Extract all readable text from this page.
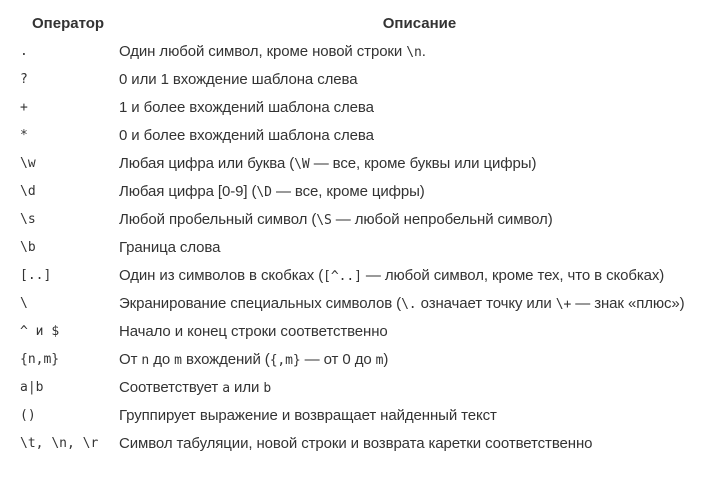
Оператор	Описание
.	Один любой символ, кроме новой строки \n.
?	0 или 1 вхождение шаблона слева
+	1 и более вхождений шаблона слева
*	0 и более вхождений шаблона слева
\w	Любая цифра или буква (\W — все, кроме буквы или цифры)
\d	Любая цифра [0-9] (\D — все, кроме цифры)
\s	Любой пробельный символ (\S — любой непробельнй символ)
\b	Граница слова
[..]	Один из символов в скобках ([^..] — любой символ, кроме тех, что в скобках)
\	Экранирование специальных символов (\. означает точку или \+ — знак «плюс»)
^ и $	Начало и конец строки соответственно
{n,m}	От n до m вхождений ({,m} — от 0 до m)
a|b	Соответствует a или b
()	Группирует выражение и возвращает найденный текст
\t, \n, \r	Символ табуляции, новой строки и возврата каретки соответственно
